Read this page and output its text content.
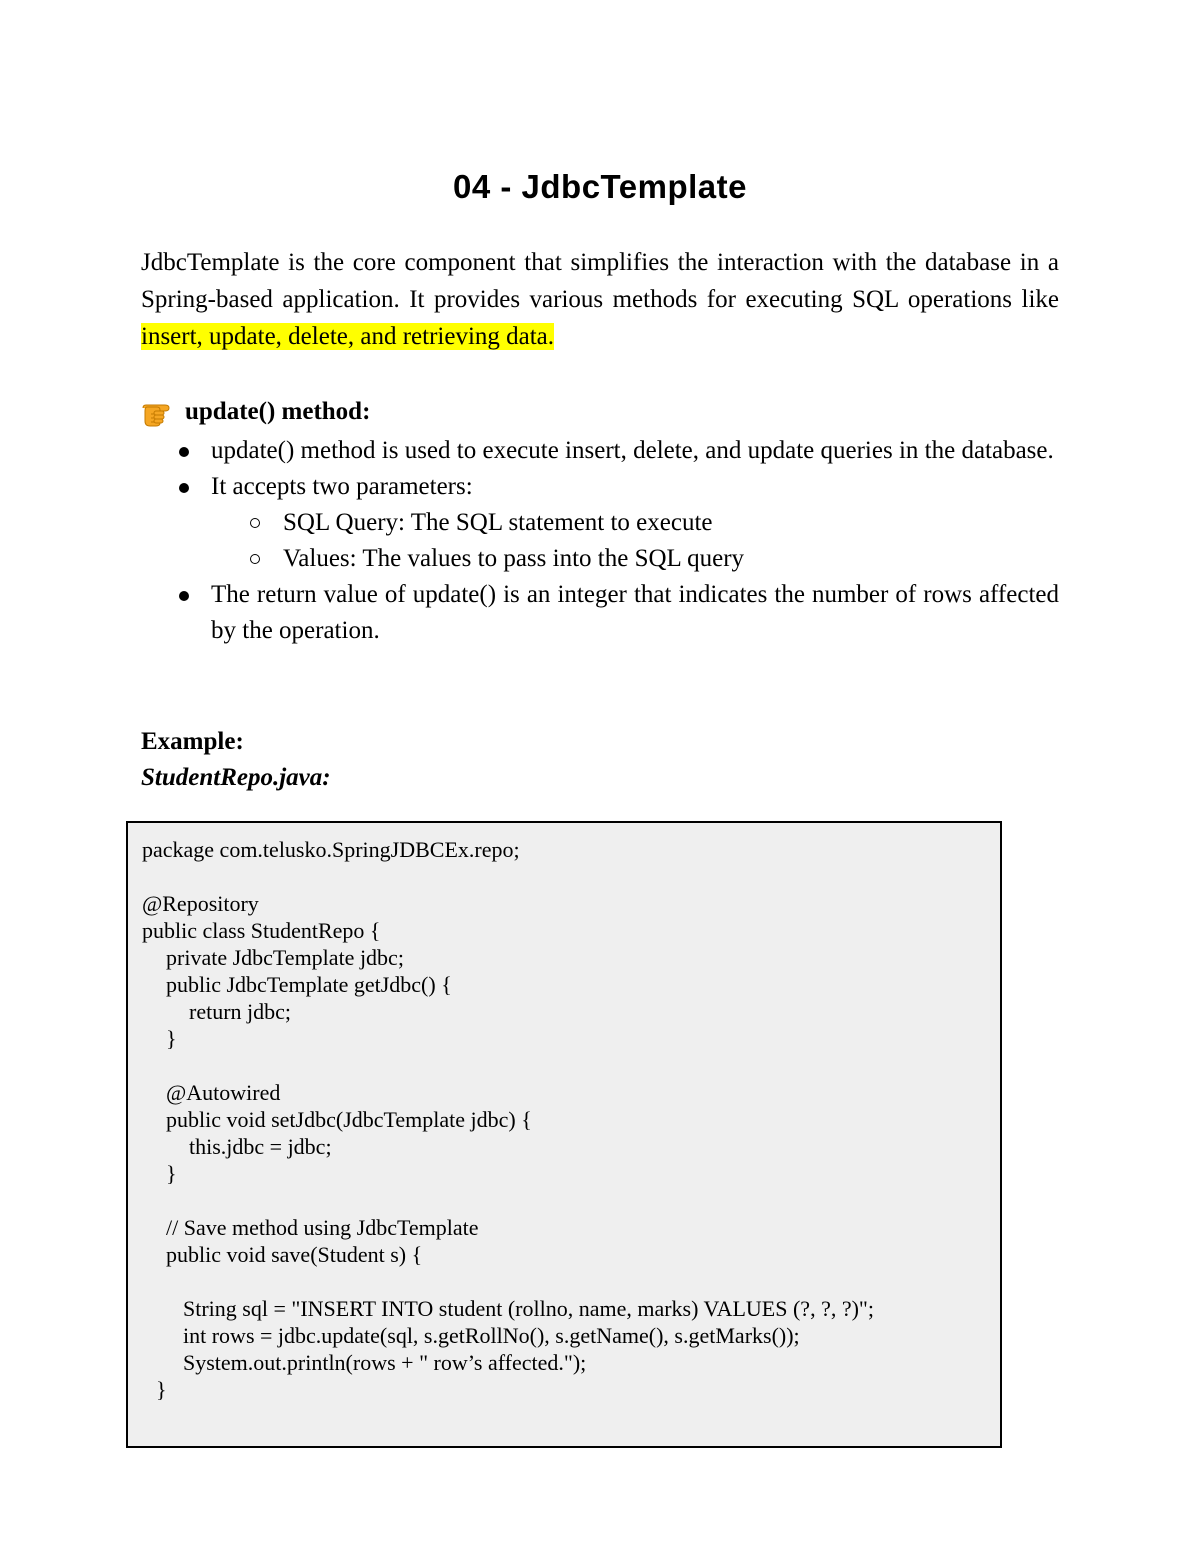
04 - JdbcTemplate
JdbcTemplate is the core component that simplifies the interaction with the database in a Spring-based application. It provides various methods for executing SQL operations like insert, update, delete, and retrieving data.
update() method:
update() method is used to execute insert, delete, and update queries in the database.
It accepts two parameters:
SQL Query: The SQL statement to execute
Values: The values to pass into the SQL query
The return value of update() is an integer that indicates the number of rows affected by the operation.
Example:
StudentRepo.java:
package com.telusko.SpringJDBCEx.repo;
@Repository
public class StudentRepo {
private JdbcTemplate jdbc;
public JdbcTemplate getJdbc() {
return jdbc;
}
@Autowired
public void setJdbc(JdbcTemplate jdbc) {
this.jdbc = jdbc;
}
// Save method using JdbcTemplate
public void save(Student s) {
String sql = "INSERT INTO student (rollno, name, marks) VALUES (?, ?, ?)";
int rows = jdbc.update(sql, s.getRollNo(), s.getName(), s.getMarks());
System.out.println(rows + " row’s affected.");
}
